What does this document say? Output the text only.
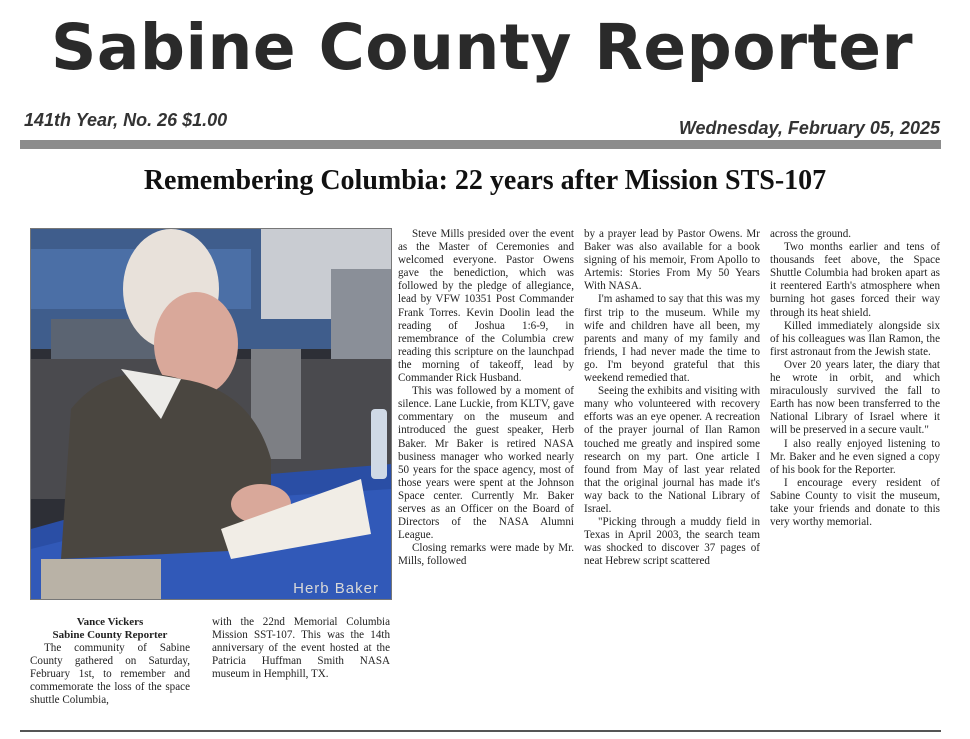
Sabine County Reporter
141th Year, No. 26 $1.00	Wednesday, February 05, 2025
Remembering Columbia: 22 years after Mission STS-107
Herb Baker
Vance Vickers
Sabine County Reporter

The community of Sabine County gathered on Saturday, February 1st, to remember and commemorate the loss of the space shuttle Columbia,

with the 22nd Memorial Columbia Mission SST-107. This was the 14th anniversary of the event hosted at the Patricia Huffman Smith NASA museum in Hemphill, TX.

Steve Mills presided over the event as the Master of Ceremonies and welcomed everyone. Pastor Owens gave the benediction, which was followed by the pledge of allegiance, lead by VFW 10351 Post Commander Frank Torres. Kevin Doolin lead the reading of Joshua 1:6-9, in remembrance of the Columbia crew reading this scripture on the launchpad the morning of takeoff, lead by Commander Rick Husband.

This was followed by a moment of silence. Lane Luckie, from KLTV, gave commentary on the museum and introduced the guest speaker, Herb Baker. Mr Baker is retired NASA business manager who worked nearly 50 years for the space agency, most of those years were spent at the Johnson Space center. Currently Mr. Baker serves as an Officer on the Board of Directors of the NASA Alumni League.

Closing remarks were made by Mr. Mills, followed

by a prayer lead by Pastor Owens. Mr Baker was also available for a book signing of his memoir, From Apollo to Artemis: Stories From My 50 Years With NASA.

I'm ashamed to say that this was my first trip to the museum. While my wife and children have all been, my parents and many of my family and friends, I had never made the time to go. I'm beyond grateful that this weekend remedied that.

Seeing the exhibits and visiting with many who volunteered with recovery efforts was an eye opener. A recreation of the prayer journal of Ilan Ramon touched me greatly and inspired some research on my part. One article I found from May of last year related that the original journal has made it's way back to the National Library of Israel.

"Picking through a muddy field in Texas in April 2003, the search team was shocked to discover 37 pages of neat Hebrew script scattered

across the ground.

Two months earlier and tens of thousands feet above, the Space Shuttle Columbia had broken apart as it reentered Earth's atmosphere when burning hot gases forced their way through its heat shield.

Killed immediately alongside six of his colleagues was Ilan Ramon, the first astronaut from the Jewish state.

Over 20 years later, the diary that he wrote in orbit, and which miraculously survived the fall to Earth has now been transferred to the National Library of Israel where it will be preserved in a secure vault."

I also really enjoyed listening to Mr. Baker and he even signed a copy of his book for the Reporter.

I encourage every resident of Sabine County to visit the museum, take your friends and donate to this very worthy memorial.
